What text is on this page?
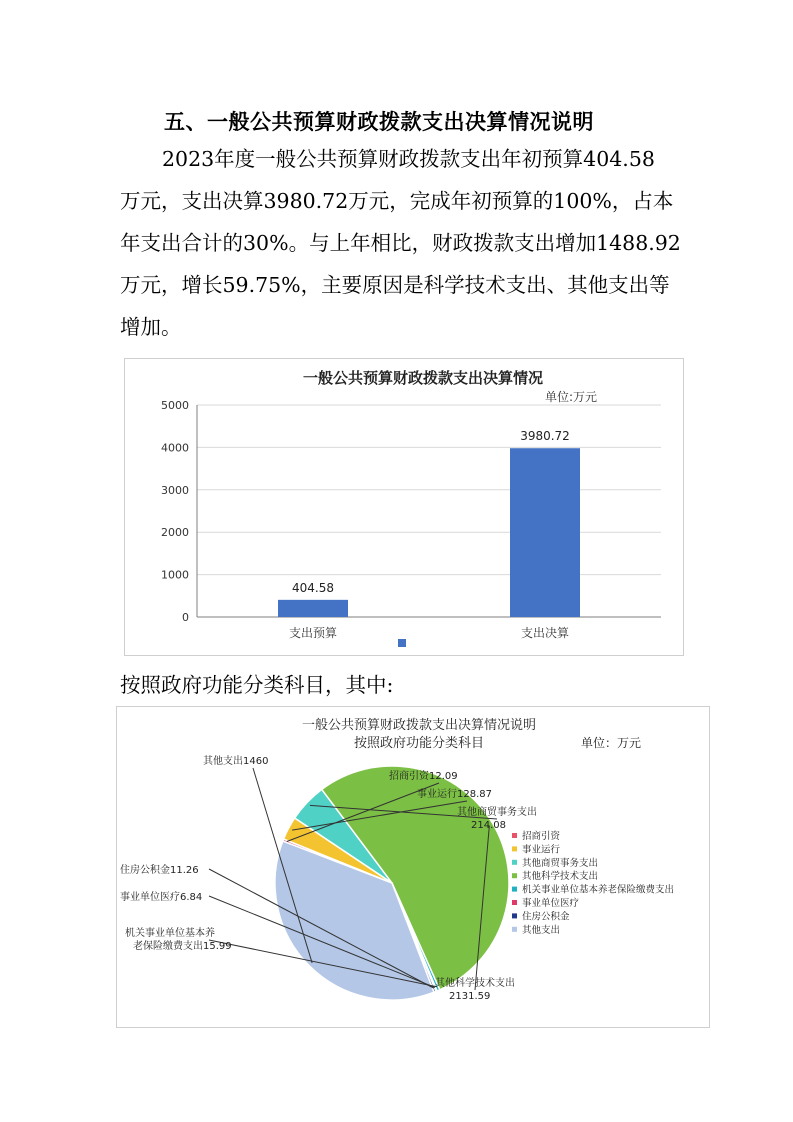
五、一般公共预算财政拨款支出决算情况说明
2023年度一般公共预算财政拨款支出年初预算404.58
万元，支出决算3980.72万元，完成年初预算的100%，占本
年支出合计的30%。与上年相比，财政拨款支出增加1488.92
万元，增长59.75%，主要原因是科学技术支出、其他支出等
增加。
一般公共预算财政拨款支出决算情况
单位:万元
0
1000
2000
3000
4000
5000
404.58
3980.72
支出预算	支出决算
按照政府功能分类科目，其中:
一般公共预算财政拨款支出决算情况说明
按照政府功能分类科目	单位：万元
招商引资12.09
事业运行128.87
其他商贸事务支出
214.08
其他科学技术支出
2131.59
机关事业单位基本养
老保险缴费支出15.99
事业单位医疗6.84
住房公积金11.26
其他支出1460
招商引资
事业运行
其他商贸事务支出
其他科学技术支出
机关事业单位基本养老保险缴费支出
事业单位医疗
住房公积金
其他支出
